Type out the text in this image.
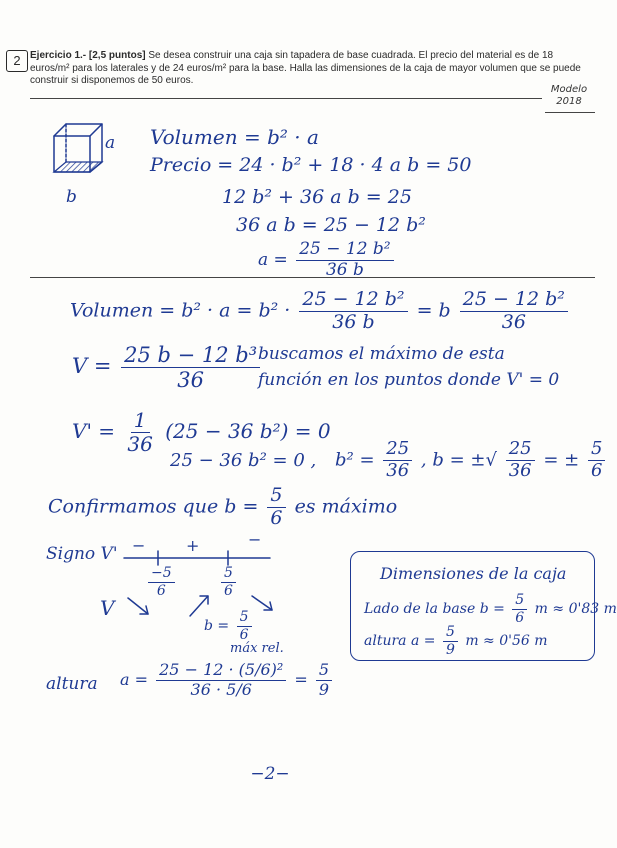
2 Ejercicio 1.- [2,5 puntos] Se desea construir una caja sin tapadera de base cuadrada. El precio del material es de 18 euros/m² para los laterales y de 24 euros/m² para la base. Halla las dimensiones de la caja de mayor volumen que se puede construir si disponemos de 50 euros.

Modelo
2018
a
b
Volumen = b² · a
Precio = 24 · b² + 18 · 4 a b = 50
12 b² + 36 a b = 25
36 a b = 25 − 12 b²
$a = \frac{\text{25 − 12 b²}}{36 b}$
Volumen = $b^2 \cdot a = b^2 \cdot \frac{\text{25 − 12 b²}}{36 b} = b \frac{\text{25 − 12 b²}}{36}$
$V = \frac{\text{25 b − 12 b³}}{36}$
buscamos el máximo de esta
función en los puntos donde V' = 0
$V' = \frac{1}{36} (25 - 36$ b²) = 0
25 − 36 b² = 0 , $b^2 = \frac{25}{36}$ , b = ±√ $\frac{25}{36}$ = ± $\frac{5}{6}$
Confirmamos que $b = \frac{5}{6}$ es máximo
Signo V' −	+	−
$\frac{-5}{6}$	$\frac{5}{6}$
V
$b = \frac{5}{6}$
máx rel.
altura $a = \frac{\text{25 − 12 · (5/6)²}}{36 \cdot 5/6} = \frac{5}{9}$
Dimensiones de la caja
Lado de la base $b = \frac{5}{6}$ m ≈ 0'83 m
altura $a = \frac{5}{9}$ m ≈ 0'56 m
−2−
